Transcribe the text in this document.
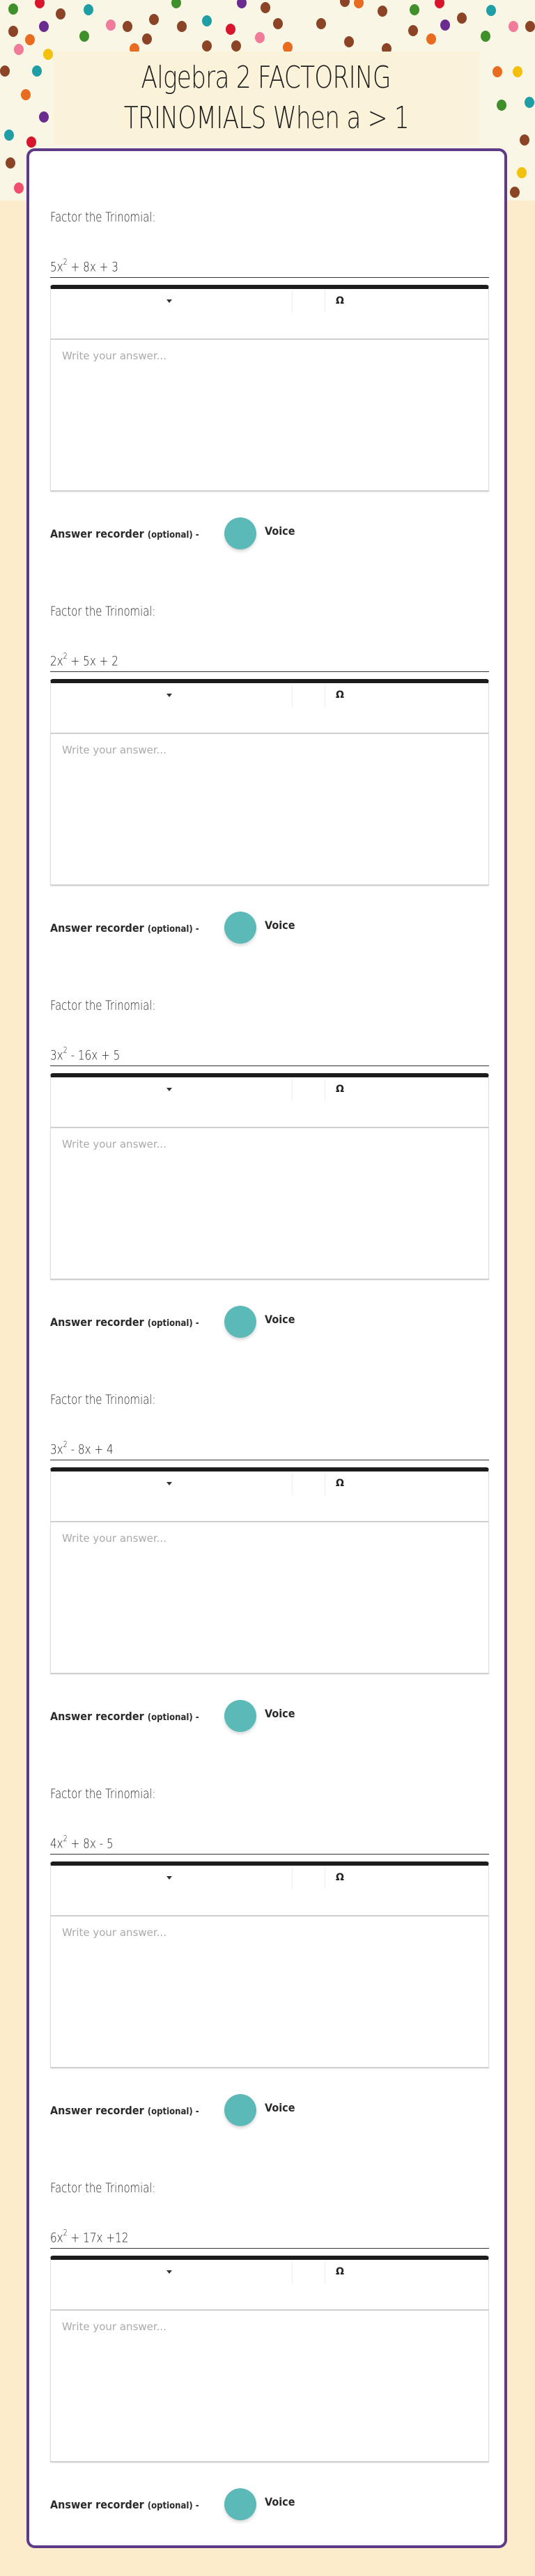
Algebra 2 FACTORING
TRINOMIALS When a > 1
Factor the Trinomial:
$5x^2 + 8x + 3$
Ω
Write your answer...
Answer recorder (optional) -	Voice
Factor the Trinomial:
$2x^2 + 5x + 2$
Ω
Write your answer...
Answer recorder (optional) -	Voice
Factor the Trinomial:
$3x^2 - 16x + 5$
Ω
Write your answer...
Answer recorder (optional) -	Voice
Factor the Trinomial:
$3x^2 - 8x + 4$
Ω
Write your answer...
Answer recorder (optional) -	Voice
Factor the Trinomial:
$4x^2 + 8x - 5$
Ω
Write your answer...
Answer recorder (optional) -	Voice
Factor the Trinomial:
$6x^2 + 17x +12$
Ω
Write your answer...
Answer recorder (optional) -	Voice
